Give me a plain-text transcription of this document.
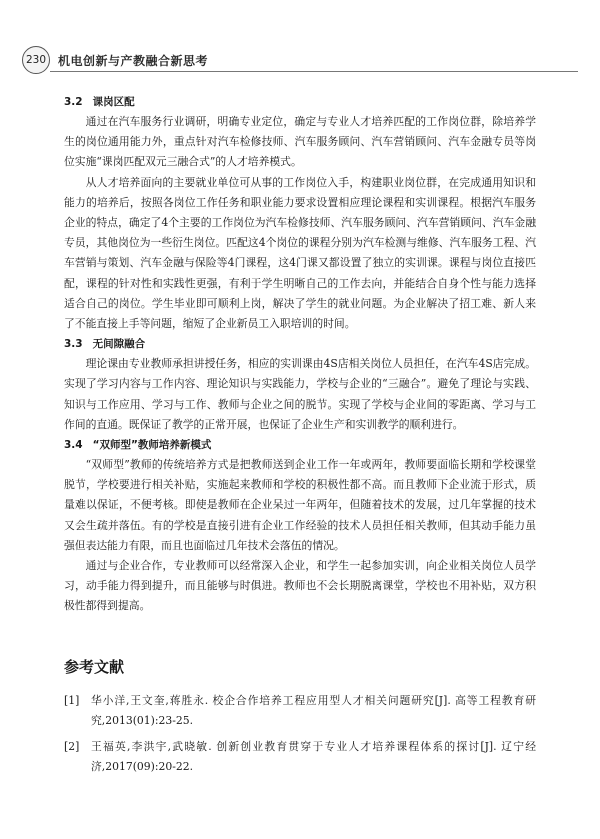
230 机电创新与产教融合新思考
3.2 课岗区配

通过在汽车服务行业调研，明确专业定位，确定与专业人才培养匹配的工作岗位群，除培养学生的岗位通用能力外，重点针对汽车检修技师、汽车服务顾问、汽车营销顾问、汽车金融专员等岗位实施“课岗匹配双元三融合式”的人才培养模式。

从人才培养面向的主要就业单位可从事的工作岗位入手，构建职业岗位群，在完成通用知识和能力的培养后，按照各岗位工作任务和职业能力要求设置相应理论课程和实训课程。根据汽车服务企业的特点，确定了4个主要的工作岗位为汽车检修技师、汽车服务顾问、汽车营销顾问、汽车金融专员，其他岗位为一些衍生岗位。匹配这4个岗位的课程分别为汽车检测与维修、汽车服务工程、汽车营销与策划、汽车金融与保险等4门课程，这4门课又都设置了独立的实训课。课程与岗位直接匹配，课程的针对性和实践性更强，有利于学生明晰自己的工作去向，并能结合自身个性与能力选择适合自己的岗位。学生毕业即可顺利上岗，解决了学生的就业问题。为企业解决了招工难、新人来了不能直接上手等问题，缩短了企业新员工入职培训的时间。

3.3 无间隙融合

理论课由专业教师承担讲授任务，相应的实训课由4S店相关岗位人员担任，在汽车4S店完成。实现了学习内容与工作内容、理论知识与实践能力，学校与企业的“三融合”。避免了理论与实践、知识与工作应用、学习与工作、教师与企业之间的脱节。实现了学校与企业间的零距离、学习与工作间的直通。既保证了教学的正常开展，也保证了企业生产和实训教学的顺利进行。

3.4 “双师型”教师培养新模式

“双师型”教师的传统培养方式是把教师送到企业工作一年或两年，教师要面临长期和学校课堂脱节，学校要进行相关补贴，实施起来教师和学校的积极性都不高。而且教师下企业流于形式，质量难以保证，不便考核。即使是教师在企业呆过一年两年，但随着技术的发展，过几年掌握的技术又会生疏并落伍。有的学校是直接引进有企业工作经验的技术人员担任相关教师，但其动手能力虽强但表达能力有限，而且也面临过几年技术会落伍的情况。

通过与企业合作，专业教师可以经常深入企业，和学生一起参加实训，向企业相关岗位人员学习，动手能力得到提升，而且能够与时俱进。教师也不会长期脱离课堂，学校也不用补贴，双方积极性都得到提高。

参考文献
[1] 华小洋,王文奎,蒋胜永. 校企合作培养工程应用型人才相关问题研究[J]. 高等工程教育研究,2013(01):23-25.
[2] 王福英,李洪宇,武晓敏. 创新创业教育贯穿于专业人才培养课程体系的探讨[J]. 辽宁经济,2017(09):20-22.
